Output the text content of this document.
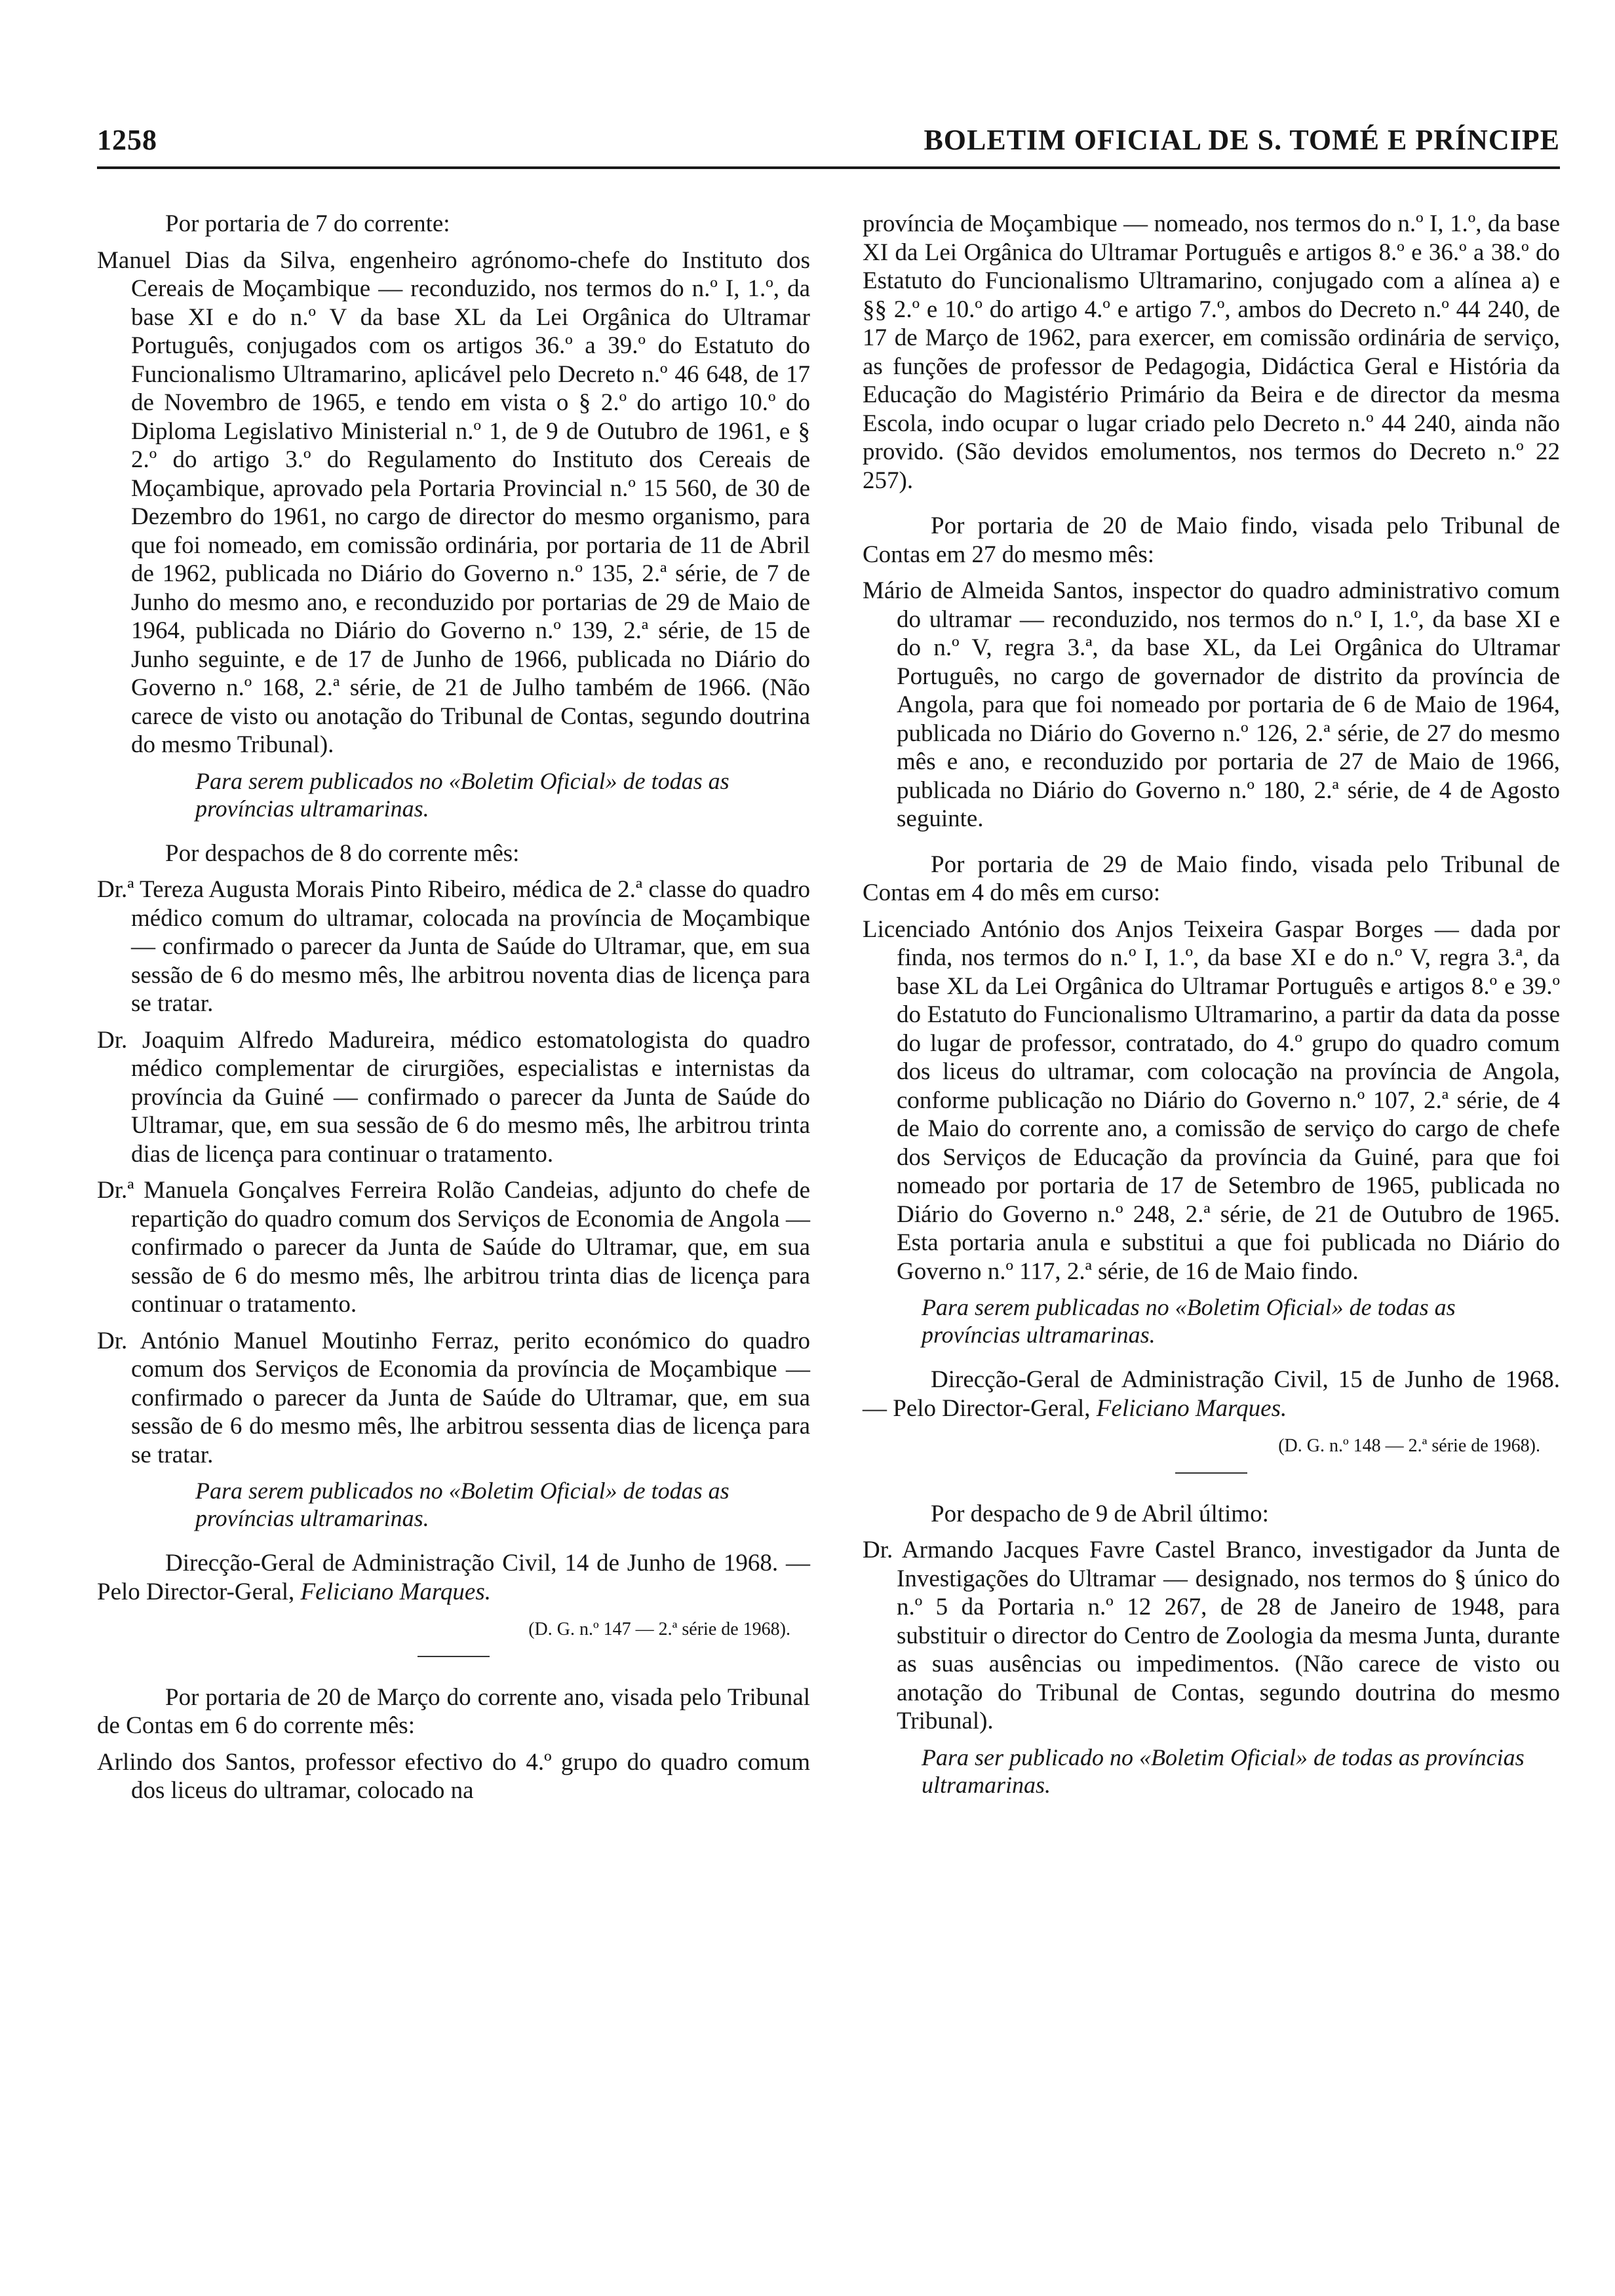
1258	BOLETIM OFICIAL DE S. TOMÉ E PRÍNCIPE

Por portaria de 7 do corrente:

Manuel Dias da Silva, engenheiro agrónomo-chefe do Instituto dos Cereais de Moçambique — reconduzido, nos termos do n.º I, 1.º, da base XI e do n.º V da base XL da Lei Orgânica do Ultramar Português, conjugados com os artigos 36.º a 39.º do Estatuto do Funcionalismo Ultramarino, aplicável pelo Decreto n.º 46 648, de 17 de Novembro de 1965, e tendo em vista o § 2.º do artigo 10.º do Diploma Legislativo Ministerial n.º 1, de 9 de Outubro de 1961, e § 2.º do artigo 3.º do Regulamento do Instituto dos Cereais de Moçambique, aprovado pela Portaria Provincial n.º 15 560, de 30 de Dezembro do 1961, no cargo de director do mesmo organismo, para que foi nomeado, em comissão ordinária, por portaria de 11 de Abril de 1962, publicada no Diário do Governo n.º 135, 2.ª série, de 7 de Junho do mesmo ano, e reconduzido por portarias de 29 de Maio de 1964, publicada no Diário do Governo n.º 139, 2.ª série, de 15 de Junho seguinte, e de 17 de Junho de 1966, publicada no Diário do Governo n.º 168, 2.ª série, de 21 de Julho também de 1966. (Não carece de visto ou anotação do Tribunal de Contas, segundo doutrina do mesmo Tribunal).

Para serem publicados no «Boletim Oficial» de todas as províncias ultramarinas.

Por despachos de 8 do corrente mês:

Dr.ª Tereza Augusta Morais Pinto Ribeiro, médica de 2.ª classe do quadro médico comum do ultramar, colocada na província de Moçambique — confirmado o parecer da Junta de Saúde do Ultramar, que, em sua sessão de 6 do mesmo mês, lhe arbitrou noventa dias de licença para se tratar.

Dr. Joaquim Alfredo Madureira, médico estomatologista do quadro médico complementar de cirurgiões, especialistas e internistas da província da Guiné — confirmado o parecer da Junta de Saúde do Ultramar, que, em sua sessão de 6 do mesmo mês, lhe arbitrou trinta dias de licença para continuar o tratamento.

Dr.ª Manuela Gonçalves Ferreira Rolão Candeias, adjunto do chefe de repartição do quadro comum dos Serviços de Economia de Angola — confirmado o parecer da Junta de Saúde do Ultramar, que, em sua sessão de 6 do mesmo mês, lhe arbitrou trinta dias de licença para continuar o tratamento.

Dr. António Manuel Moutinho Ferraz, perito económico do quadro comum dos Serviços de Economia da província de Moçambique — confirmado o parecer da Junta de Saúde do Ultramar, que, em sua sessão de 6 do mesmo mês, lhe arbitrou sessenta dias de licença para se tratar.

Para serem publicados no «Boletim Oficial» de todas as províncias ultramarinas.

Direcção-Geral de Administração Civil, 14 de Junho de 1968. — Pelo Director-Geral, Feliciano Marques.

(D. G. n.º 147 — 2.ª série de 1968).

Por portaria de 20 de Março do corrente ano, visada pelo Tribunal de Contas em 6 do corrente mês:

Arlindo dos Santos, professor efectivo do 4.º grupo do quadro comum dos liceus do ultramar, colocado na

província de Moçambique — nomeado, nos termos do n.º I, 1.º, da base XI da Lei Orgânica do Ultramar Português e artigos 8.º e 36.º a 38.º do Estatuto do Funcionalismo Ultramarino, conjugado com a alínea a) e §§ 2.º e 10.º do artigo 4.º e artigo 7.º, ambos do Decreto n.º 44 240, de 17 de Março de 1962, para exercer, em comissão ordinária de serviço, as funções de professor de Pedagogia, Didáctica Geral e História da Educação do Magistério Primário da Beira e de director da mesma Escola, indo ocupar o lugar criado pelo Decreto n.º 44 240, ainda não provido. (São devidos emolumentos, nos termos do Decreto n.º 22 257).

Por portaria de 20 de Maio findo, visada pelo Tribunal de Contas em 27 do mesmo mês:

Mário de Almeida Santos, inspector do quadro administrativo comum do ultramar — reconduzido, nos termos do n.º I, 1.º, da base XI e do n.º V, regra 3.ª, da base XL, da Lei Orgânica do Ultramar Português, no cargo de governador de distrito da província de Angola, para que foi nomeado por portaria de 6 de Maio de 1964, publicada no Diário do Governo n.º 126, 2.ª série, de 27 do mesmo mês e ano, e reconduzido por portaria de 27 de Maio de 1966, publicada no Diário do Governo n.º 180, 2.ª série, de 4 de Agosto seguinte.

Por portaria de 29 de Maio findo, visada pelo Tribunal de Contas em 4 do mês em curso:

Licenciado António dos Anjos Teixeira Gaspar Borges — dada por finda, nos termos do n.º I, 1.º, da base XI e do n.º V, regra 3.ª, da base XL da Lei Orgânica do Ultramar Português e artigos 8.º e 39.º do Estatuto do Funcionalismo Ultramarino, a partir da data da posse do lugar de professor, contratado, do 4.º grupo do quadro comum dos liceus do ultramar, com colocação na província de Angola, conforme publicação no Diário do Governo n.º 107, 2.ª série, de 4 de Maio do corrente ano, a comissão de serviço do cargo de chefe dos Serviços de Educação da província da Guiné, para que foi nomeado por portaria de 17 de Setembro de 1965, publicada no Diário do Governo n.º 248, 2.ª série, de 21 de Outubro de 1965. Esta portaria anula e substitui a que foi publicada no Diário do Governo n.º 117, 2.ª série, de 16 de Maio findo.

Para serem publicadas no «Boletim Oficial» de todas as províncias ultramarinas.

Direcção-Geral de Administração Civil, 15 de Junho de 1968. — Pelo Director-Geral, Feliciano Marques.

(D. G. n.º 148 — 2.ª série de 1968).

Por despacho de 9 de Abril último:

Dr. Armando Jacques Favre Castel Branco, investigador da Junta de Investigações do Ultramar — designado, nos termos do § único do n.º 5 da Portaria n.º 12 267, de 28 de Janeiro de 1948, para substituir o director do Centro de Zoologia da mesma Junta, durante as suas ausências ou impedimentos. (Não carece de visto ou anotação do Tribunal de Contas, segundo doutrina do mesmo Tribunal).

Para ser publicado no «Boletim Oficial» de todas as províncias ultramarinas.
